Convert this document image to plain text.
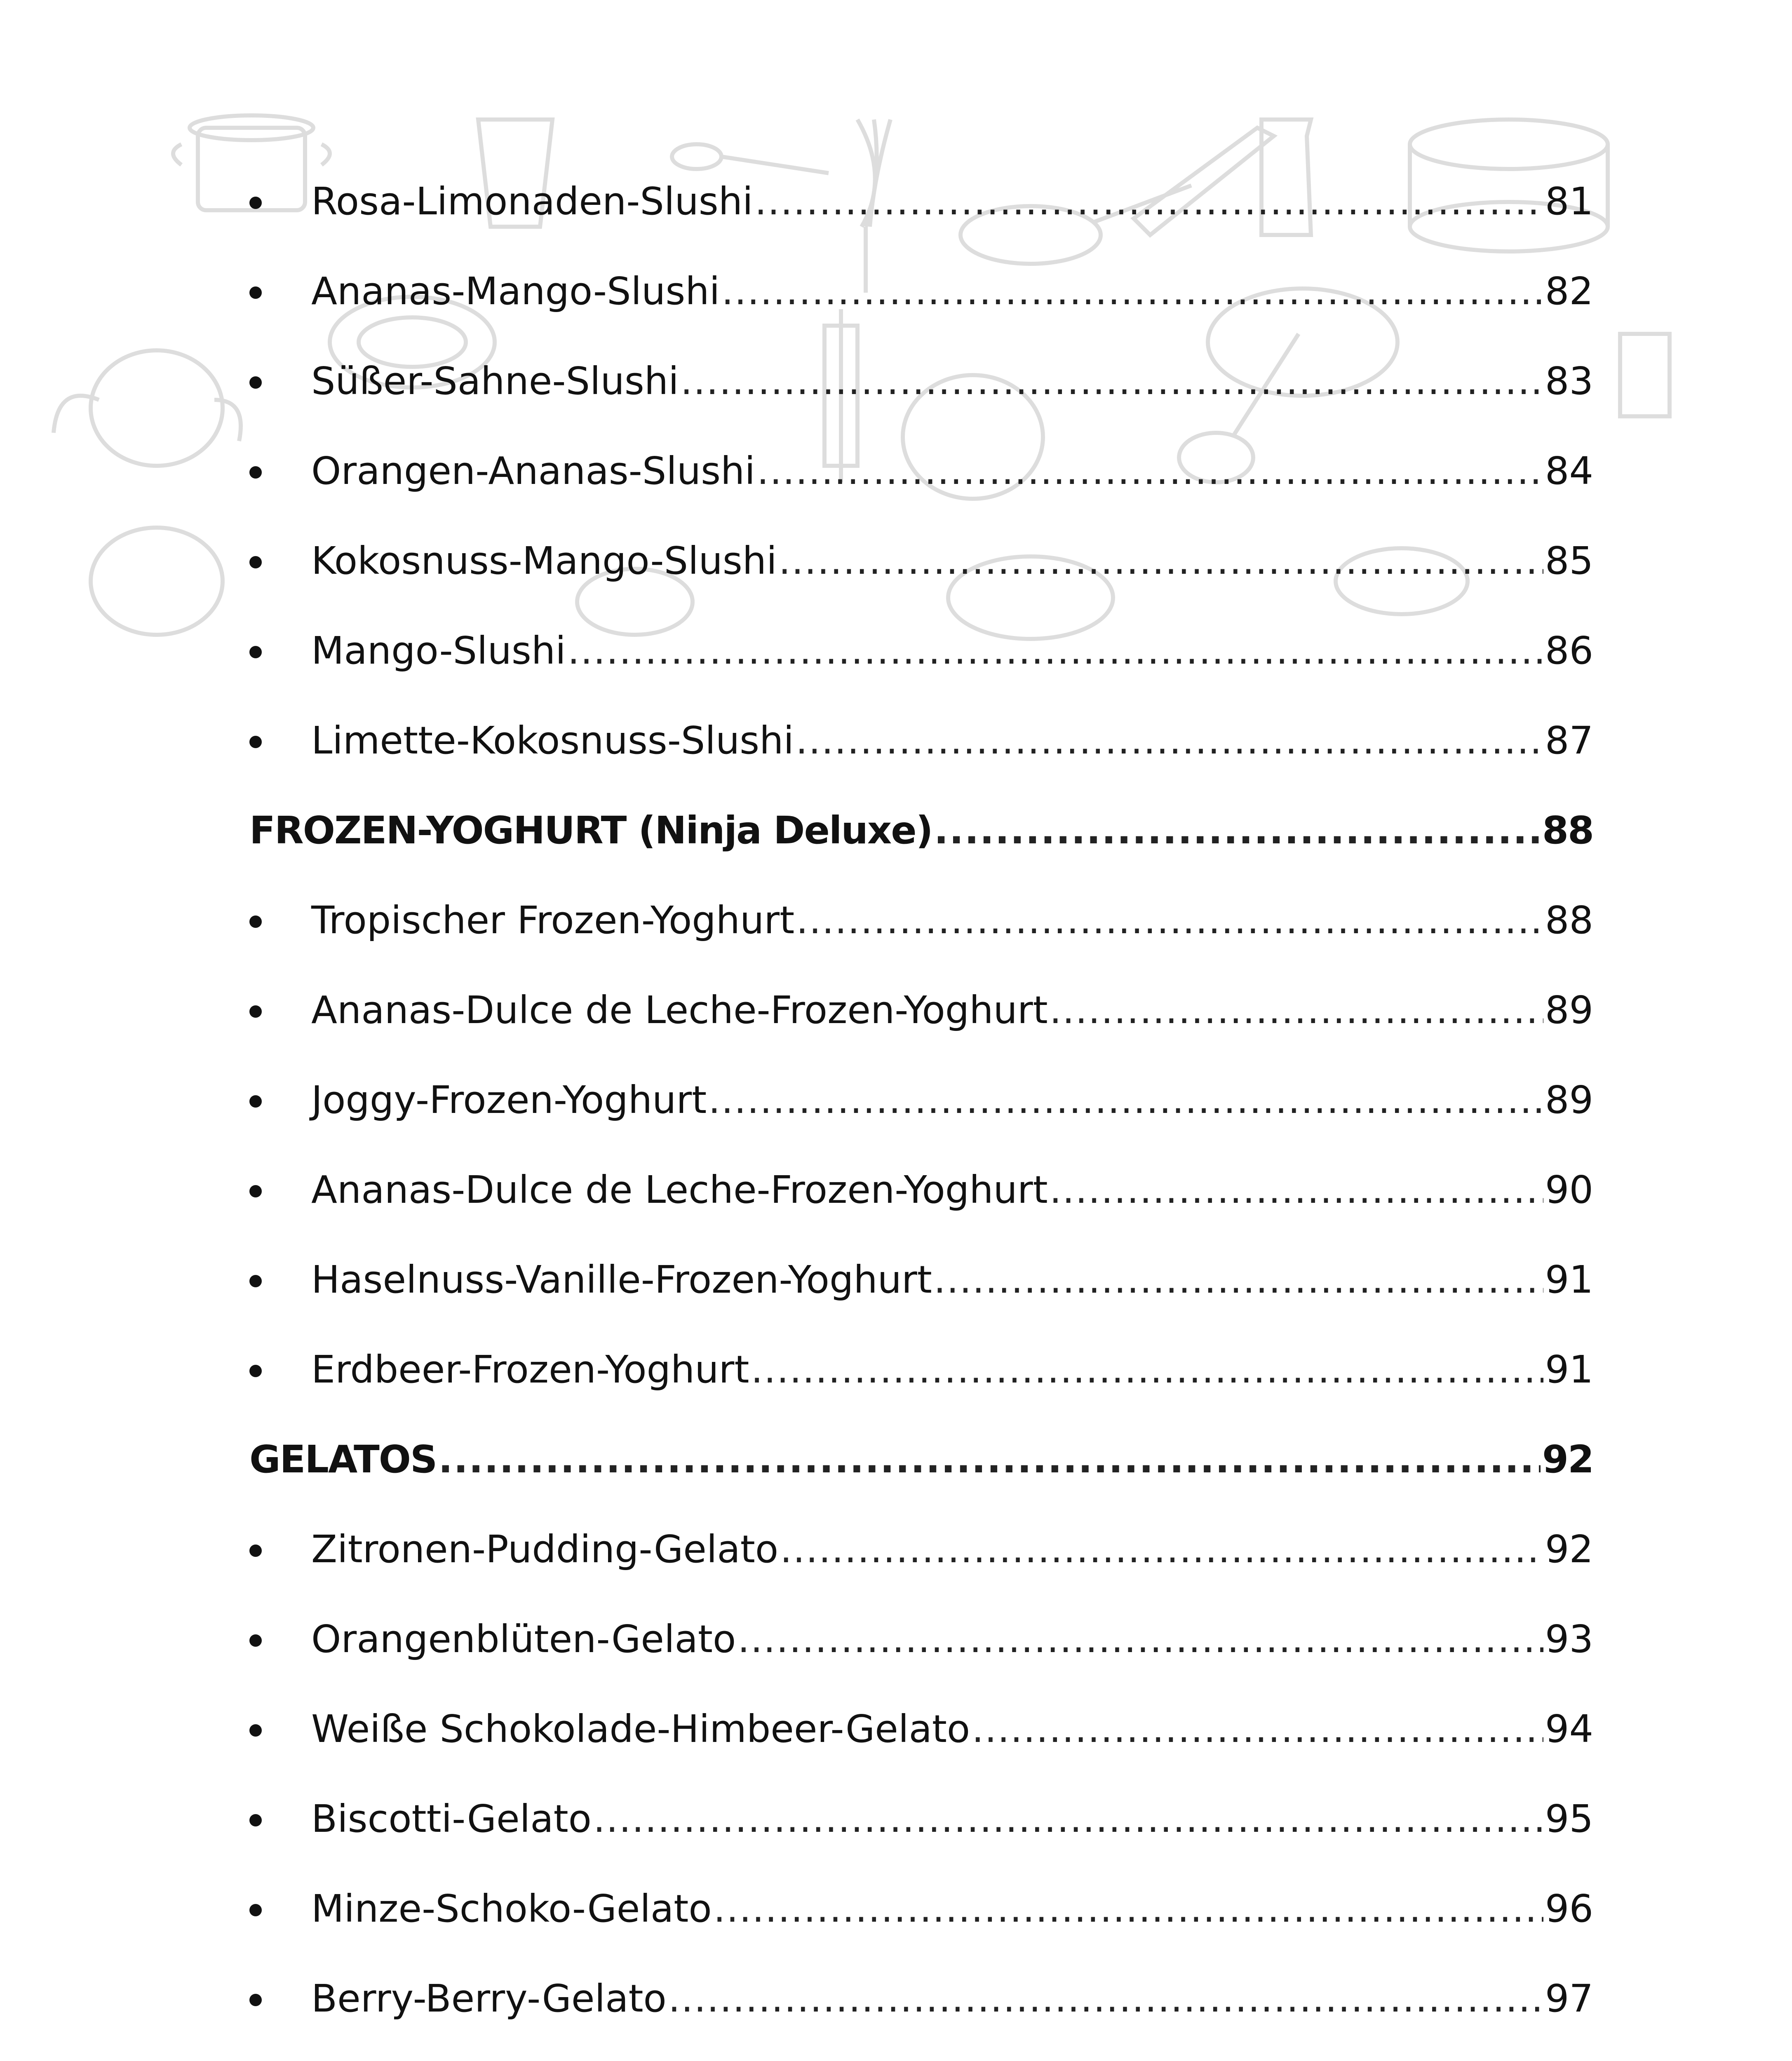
Rosa-Limonaden-Slushi .....	81
Ananas-Mango-Slushi .....	82
Süßer-Sahne-Slushi .....	83
Orangen-Ananas-Slushi .....	84
Kokosnuss-Mango-Slushi .....	85
Mango-Slushi .....	86
Limette-Kokosnuss-Slushi .....	87
FROZEN-YOGHURT (Ninja Deluxe) .....	88
Tropischer Frozen-Yoghurt .....	88
Ananas-Dulce de Leche-Frozen-Yoghurt .....	89
Joggy-Frozen-Yoghurt .....	89
Ananas-Dulce de Leche-Frozen-Yoghurt .....	90
Haselnuss-Vanille-Frozen-Yoghurt .....	91
Erdbeer-Frozen-Yoghurt .....	91
GELATOS .....	92
Zitronen-Pudding-Gelato .....	92
Orangenblüten-Gelato .....	93
Weiße Schokolade-Himbeer-Gelato .....	94
Biscotti-Gelato .....	95
Minze-Schoko-Gelato .....	96
Berry-Berry-Gelato .....	97
